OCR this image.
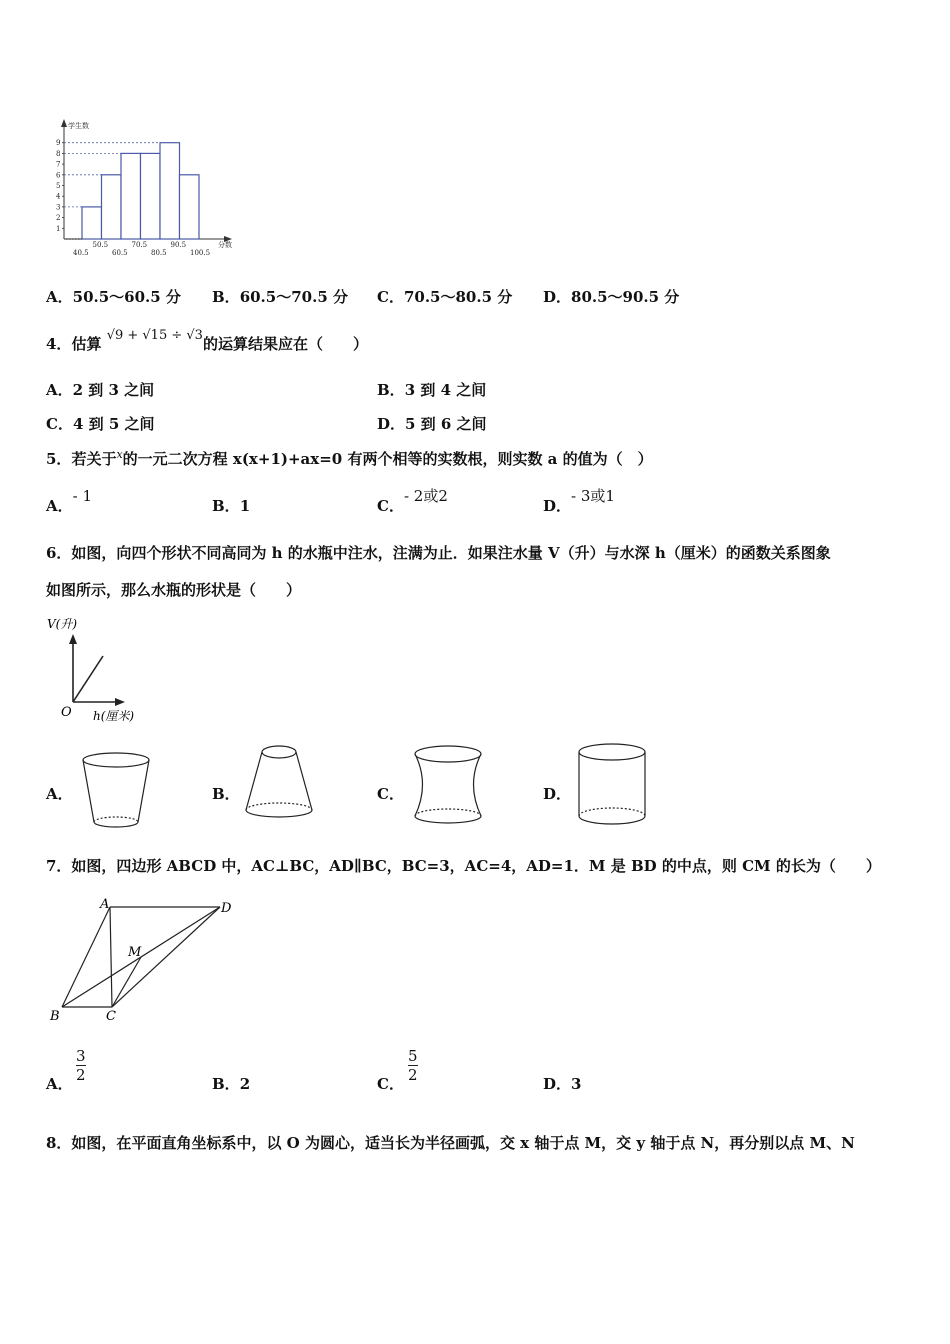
学生数
分数
1
2
3
4
5
6
7
8
9
40.5
50.5
60.5
70.5
80.5
90.5
100.5
A．50.5～60.5 分 B．60.5～70.5 分 C．70.5～80.5 分 D．80.5～90.5 分
4．估算 √9 + √15 ÷ √3的运算结果应在（　　）
A．2 到 3 之间	B．3 到 4 之间
C．4 到 5 之间	D．5 到 6 之间
5．若关于$^x$的一元二次方程 x(x+1)+ax=0 有两个相等的实数根，则实数 a 的值为（　）
A．- 1
B．1	C．- 2或2
D．- 3或1
6．如图，向四个形状不同高同为 h 的水瓶中注水，注满为止．如果注水量 V（升）与水深 h（厘米）的函数关系图象
如图所示，那么水瓶的形状是（　　）
V(升)
O h(厘米)
A．	B．	C．	D．
7．如图，四边形 ABCD 中，AC⊥BC，AD∥BC，BC=3，AC=4，AD=1．M 是 BD 的中点，则 CM 的长为（　　）
A	D
M
B	C
A． $\frac{3}{2}$	B．2	C． $\frac{5}{2}$	D．3
8．如图，在平面直角坐标系中，以 O 为圆心，适当长为半径画弧，交 x 轴于点 M，交 y 轴于点 N，再分别以点 M、N
